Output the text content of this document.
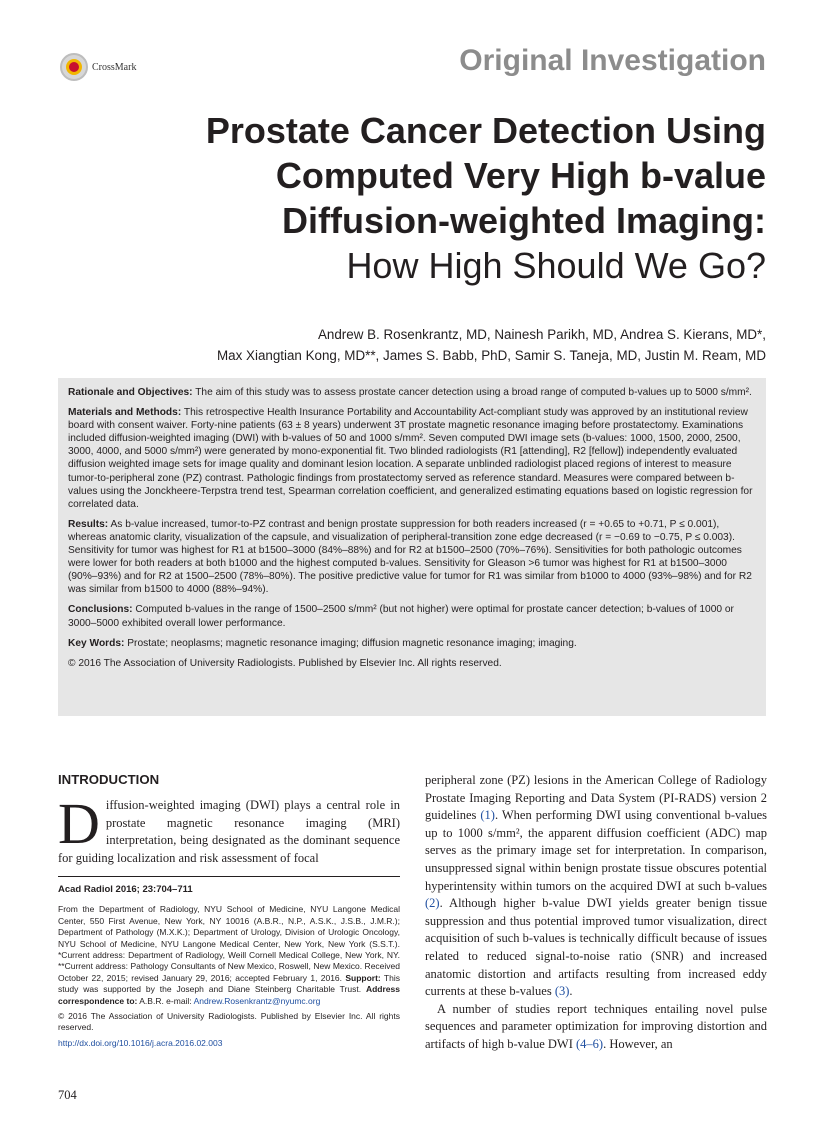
CrossMark	Original Investigation
Prostate Cancer Detection Using
Computed Very High b-value
Diffusion-weighted Imaging:
How High Should We Go?
Andrew B. Rosenkrantz, MD, Nainesh Parikh, MD, Andrea S. Kierans, MD*,
Max Xiangtian Kong, MD**, James S. Babb, PhD, Samir S. Taneja, MD, Justin M. Ream, MD

Rationale and Objectives: The aim of this study was to assess prostate cancer detection using a broad range of computed b-values up to 5000 s/mm².

Materials and Methods: This retrospective Health Insurance Portability and Accountability Act-compliant study was approved by an institutional review board with consent waiver. Forty-nine patients (63 ± 8 years) underwent 3T prostate magnetic resonance imaging before prostatectomy. Examinations included diffusion-weighted imaging (DWI) with b-values of 50 and 1000 s/mm². Seven computed DWI image sets (b-values: 1000, 1500, 2000, 2500, 3000, 4000, and 5000 s/mm²) were generated by mono-exponential fit. Two blinded radiologists (R1 [attending], R2 [fellow]) independently evaluated diffusion weighted image sets for image quality and dominant lesion location. A separate unblinded radiologist placed regions of interest to measure tumor-to-peripheral zone (PZ) contrast. Pathologic findings from prostatectomy served as reference standard. Measures were compared between b-values using the Jonckheere-Terpstra trend test, Spearman correlation coefficient, and generalized estimating equations based on logistic regression for correlated data.

Results: As b-value increased, tumor-to-PZ contrast and benign prostate suppression for both readers increased (r = +0.65 to +0.71, P ≤ 0.001), whereas anatomic clarity, visualization of the capsule, and visualization of peripheral-transition zone edge decreased (r = −0.69 to −0.75, P ≤ 0.003). Sensitivity for tumor was highest for R1 at b1500–3000 (84%–88%) and for R2 at b1500–2500 (70%–76%). Sensitivities for both pathologic outcomes were lower for both readers at both b1000 and the highest computed b-values. Sensitivity for Gleason >6 tumor was highest for R1 at b1500–3000 (90%–93%) and for R2 at 1500–2500 (78%–80%). The positive predictive value for tumor for R1 was similar from b1000 to 4000 (93%–98%) and for R2 was similar from b1500 to 4000 (88%–94%).

Conclusions: Computed b-values in the range of 1500–2500 s/mm² (but not higher) were optimal for prostate cancer detection; b-values of 1000 or 3000–5000 exhibited overall lower performance.

Key Words: Prostate; neoplasms; magnetic resonance imaging; diffusion magnetic resonance imaging; imaging.

© 2016 The Association of University Radiologists. Published by Elsevier Inc. All rights reserved.

INTRODUCTION

Diffusion-weighted imaging (DWI) plays a central role in prostate magnetic resonance imaging (MRI) interpretation, being designated as the dominant sequence for guiding localization and risk assessment of focal

Acad Radiol 2016; 23:704–711

From the Department of Radiology, NYU School of Medicine, NYU Langone Medical Center, 550 First Avenue, New York, NY 10016 (A.B.R., N.P., A.S.K., J.S.B., J.M.R.); Department of Pathology (M.X.K.); Department of Urology, Division of Urologic Oncology, NYU School of Medicine, NYU Langone Medical Center, New York, New York (S.S.T.). *Current address: Department of Radiology, Weill Cornell Medical College, New York, NY. **Current address: Pathology Consultants of New Mexico, Roswell, New Mexico. Received October 22, 2015; revised January 29, 2016; accepted February 1, 2016. Support: This study was supported by the Joseph and Diane Steinberg Charitable Trust. Address correspondence to: A.B.R. e-mail: Andrew.Rosenkrantz@nyumc.org

© 2016 The Association of University Radiologists. Published by Elsevier Inc. All rights reserved.

http://dx.doi.org/10.1016/j.acra.2016.02.003

peripheral zone (PZ) lesions in the American College of Radiology Prostate Imaging Reporting and Data System (PI-RADS) version 2 guidelines (1). When performing DWI using conventional b-values up to 1000 s/mm², the apparent diffusion coefficient (ADC) map serves as the primary image set for interpretation. In comparison, unsuppressed signal within benign prostate tissue obscures potential hyperintensity within tumors on the acquired DWI at such b-values (2). Although higher b-value DWI yields greater benign tissue suppression and thus potential improved tumor visualization, direct acquisition of such b-values is technically difficult because of issues related to reduced signal-to-noise ratio (SNR) and increased anatomic distortion and artifacts resulting from increased eddy currents at these b-values (3).

A number of studies report techniques entailing novel pulse sequences and parameter optimization for improving distortion and artifacts of high b-value DWI (4–6). However, an

704
